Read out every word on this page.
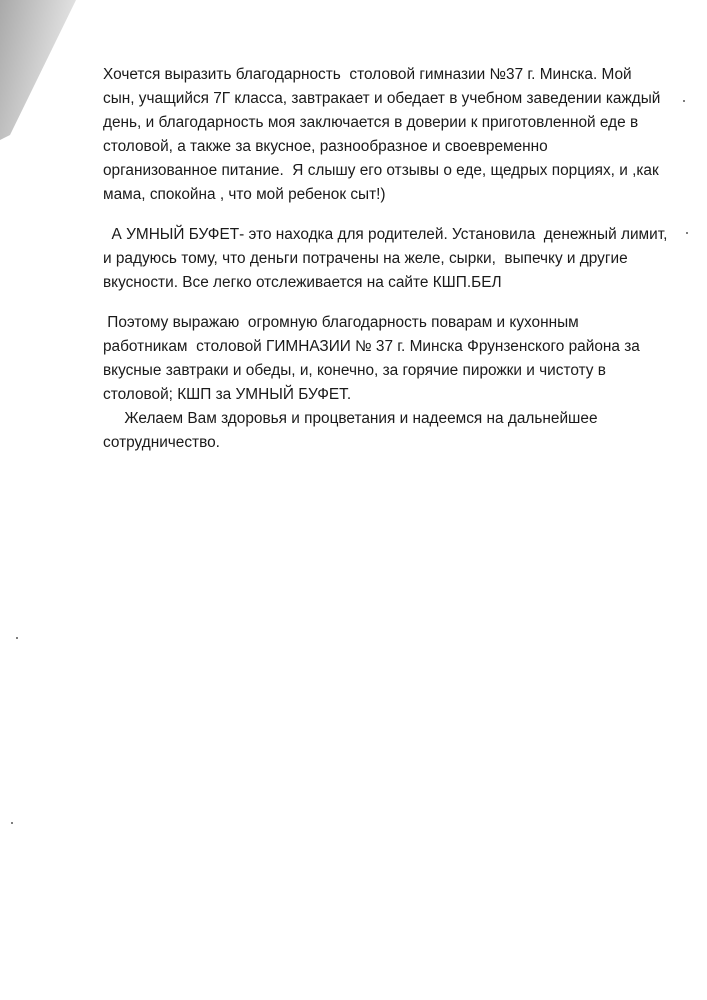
Хочется выразить благодарность  столовой гимназии №37 г. Минска. Мой
сын, учащийся 7Г класса, завтракает и обедает в учебном заведении каждый
день, и благодарность моя заключается в доверии к приготовленной еде в
столовой, а также за вкусное, разнообразное и своевременно
организованное питание.  Я слышу его отзывы о еде, щедрых порциях, и ,как
мама, спокойна , что мой ребенок сыт!)
А УМНЫЙ БУФЕТ- это находка для родителей. Установила  денежный лимит,
и радуюсь тому, что деньги потрачены на желе, сырки,  выпечку и другие
вкусности. Все легко отслеживается на сайте КШП.БЕЛ
Поэтому выражаю  огромную благодарность поварам и кухонным
работникам  столовой ГИМНАЗИИ № 37 г. Минска Фрунзенского района за
вкусные завтраки и обеды, и, конечно, за горячие пирожки и чистоту в
столовой; КШП за УМНЫЙ БУФЕТ.
Желаем Вам здоровья и процветания и надеемся на дальнейшее
сотрудничество.
